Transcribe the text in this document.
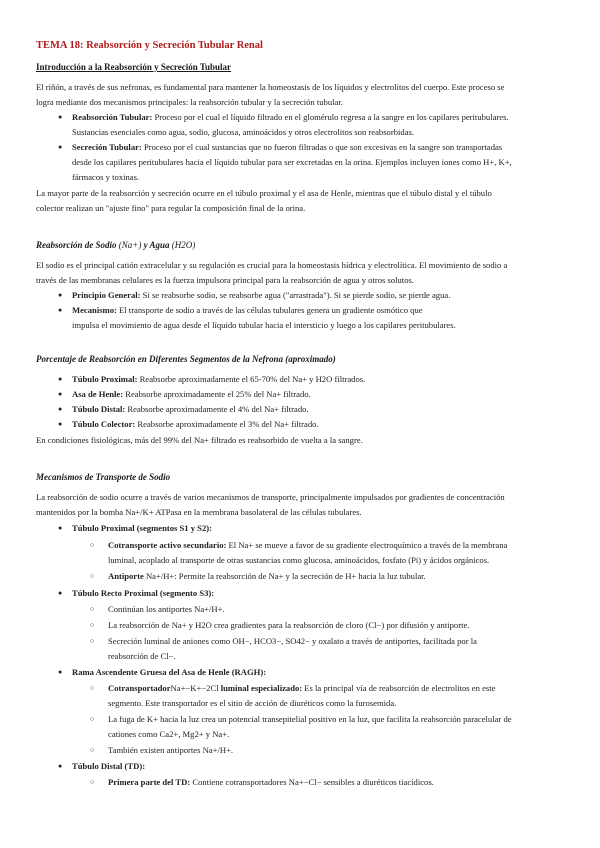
TEMA 18: Reabsorción y Secreción Tubular Renal
Introducción a la Reabsorción y Secreción Tubular
El riñón, a través de sus nefronas, es fundamental para mantener la homeostasis de los líquidos y electrolitos del cuerpo. Este proceso se
logra mediante dos mecanismos principales: la reabsorción tubular y la secreción tubular.
● Reabsorción Tubular: Proceso por el cual el líquido filtrado en el glomérulo regresa a la sangre en los capilares peritubulares.
Sustancias esenciales como agua, sodio, glucosa, aminoácidos y otros electrolitos son reabsorbidas.
● Secreción Tubular: Proceso por el cual sustancias que no fueron filtradas o que son excesivas en la sangre son transportadas
desde los capilares peritubulares hacia el líquido tubular para ser excretadas en la orina. Ejemplos incluyen iones como H+, K+,
fármacos y toxinas.
La mayor parte de la reabsorción y secreción ocurre en el túbulo proximal y el asa de Henle, mientras que el túbulo distal y el túbulo
colector realizan un "ajuste fino" para regular la composición final de la orina.
Reabsorción de Sodio (Na+) y Agua (H2O)
El sodio es el principal catión extracelular y su regulación es crucial para la homeostasis hídrica y electrolítica. El movimiento de sodio a
través de las membranas celulares es la fuerza impulsora principal para la reabsorción de agua y otros solutos.
● Principio General: Si se reabsorbe sodio, se reabsorbe agua ("arrastrada"). Si se pierde sodio, se pierde agua.
● Mecanismo: El transporte de sodio a través de las células tubulares genera un gradiente osmótico que
impulsa el movimiento de agua desde el líquido tubular hacia el intersticio y luego a los capilares peritubulares.
Porcentaje de Reabsorción en Diferentes Segmentos de la Nefrona (aproximado)
● Túbulo Proximal: Reabsorbe aproximadamente el 65-70% del Na+ y H2O filtrados.
● Asa de Henle: Reabsorbe aproximadamente el 25% del Na+ filtrado.
● Túbulo Distal: Reabsorbe aproximadamente el 4% del Na+ filtrado.
● Túbulo Colector: Reabsorbe aproximadamente el 3% del Na+ filtrado.
En condiciones fisiológicas, más del 99% del Na+ filtrado es reabsorbido de vuelta a la sangre.
Mecanismos de Transporte de Sodio
La reabsorción de sodio ocurre a través de varios mecanismos de transporte, principalmente impulsados por gradientes de concentración
mantenidos por la bomba Na+/K+ ATPasa en la membrana basolateral de las células tubulares.
● Túbulo Proximal (segmentos S1 y S2):
○ Cotransporte activo secundario: El Na+ se mueve a favor de su gradiente electroquímico a través de la membrana
luminal, acoplado al transporte de otras sustancias como glucosa, aminoácidos, fosfato (Pi) y ácidos orgánicos.
○ Antiporte Na+/H+: Permite la reabsorción de Na+ y la secreción de H+ hacia la luz tubular.
● Túbulo Recto Proximal (segmento S3):
○ Continúan los antiportes Na+/H+.
○ La reabsorción de Na+ y H2O crea gradientes para la reabsorción de cloro (Cl−) por difusión y antiporte.
○ Secreción luminal de aniones como OH−, HCO3−, SO42− y oxalato a través de antiportes, facilitada por la
reabsorción de Cl−.
● Rama Ascendente Gruesa del Asa de Henle (RAGH):
○ CotransportadorNa+−K+−2Cl luminal especializado: Es la principal vía de reabsorción de electrolitos en este
segmento. Este transportador es el sitio de acción de diuréticos como la furosemida.
○ La fuga de K+ hacia la luz crea un potencial transepitelial positivo en la luz, que facilita la reabsorción paracelular de
cationes como Ca2+, Mg2+ y Na+.
○ También existen antiportes Na+/H+.
● Túbulo Distal (TD):
○ Primera parte del TD: Contiene cotransportadores Na+−Cl− sensibles a diuréticos tiacídicos.
